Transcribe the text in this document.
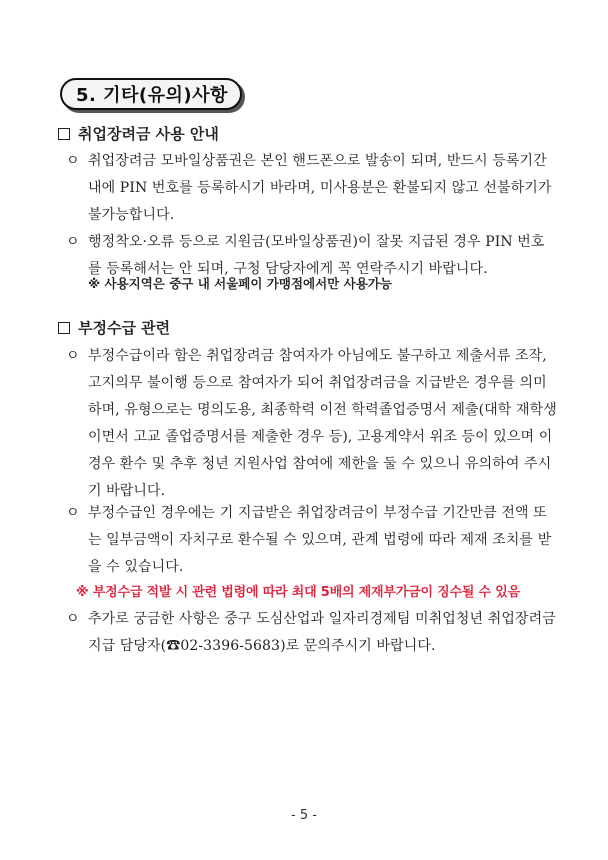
5. 기타(유의)사항
취업장려금 사용 안내
ㅇ 취업장려금 모바일상품권은 본인 핸드폰으로 발송이 되며, 반드시 등록기간 내에 PIN 번호를 등록하시기 바라며, 미사용분은 환불되지 않고 선불하기가 불가능합니다.
ㅇ 행정착오·오류 등으로 지원금(모바일상품권)이 잘못 지급된 경우 PIN 번호를 등록해서는 안 되며, 구청 담당자에게 꼭 연락주시기 바랍니다.
※ 사용지역은 중구 내 서울페이 가맹점에서만 사용가능
부정수급 관련
ㅇ 부정수급이라 함은 취업장려금 참여자가 아님에도 불구하고 제출서류 조작, 고지의무 불이행 등으로 참여자가 되어 취업장려금을 지급받은 경우를 의미하며, 유형으로는 명의도용, 최종학력 이전 학력졸업증명서 제출(대학 재학생이면서 고교 졸업증명서를 제출한 경우 등), 고용계약서 위조 등이 있으며 이 경우 환수 및 추후 청년 지원사업 참여에 제한을 둘 수 있으니 유의하여 주시기 바랍니다.
ㅇ 부정수급인 경우에는 기 지급받은 취업장려금이 부정수급 기간만큼 전액 또는 일부금액이 자치구로 환수될 수 있으며, 관계 법령에 따라 제재 조치를 받을 수 있습니다.
※ 부정수급 적발 시 관련 법령에 따라 최대 5배의 제재부가금이 징수될 수 있음
ㅇ 추가로 궁금한 사항은 중구 도심산업과 일자리경제팀 미취업청년 취업장려금 지급 담당자(☎02-3396-5683)로 문의주시기 바랍니다.
- 5 -
